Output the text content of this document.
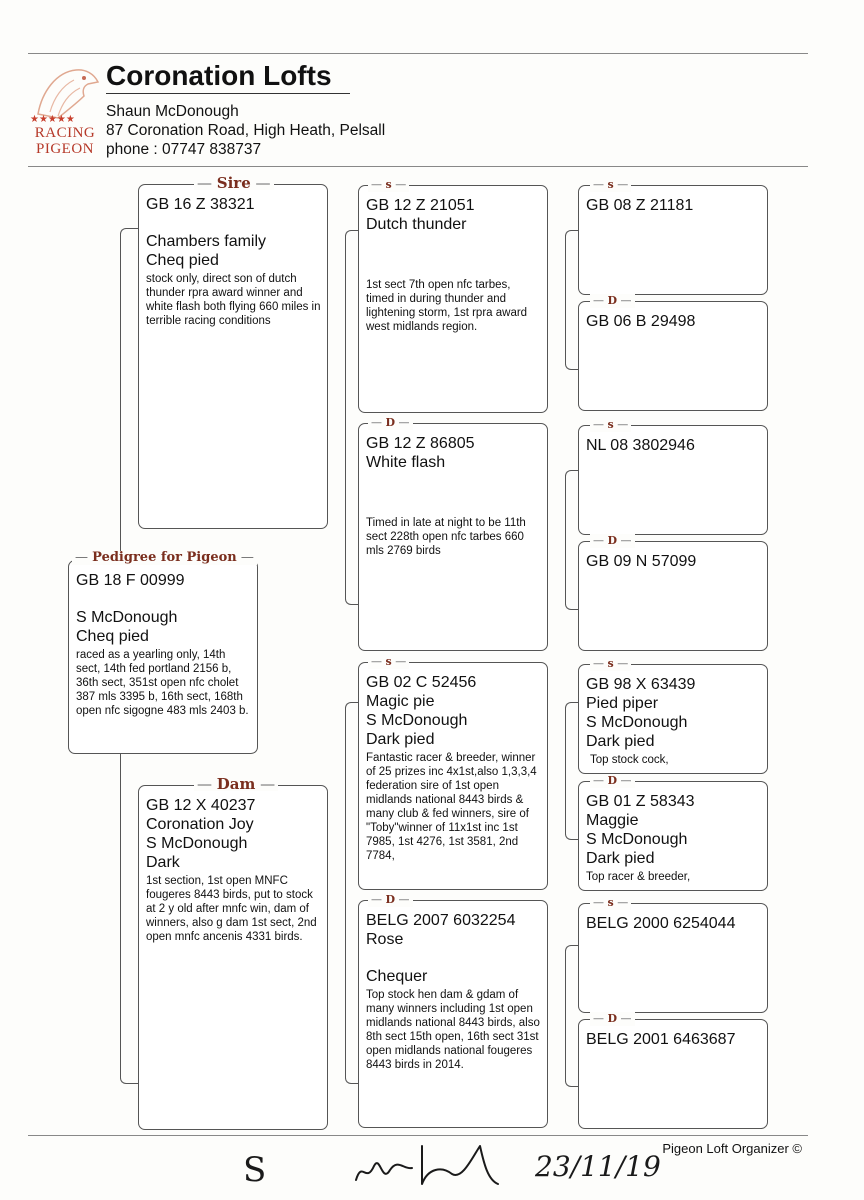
★★★★★
RACING
PIGEON
Coronation Lofts
Shaun McDonough
87 Coronation Road, High Heath, Pelsall
phone : 07747 838737
GB 18 F 00999
S McDonough
Cheq pied
raced as a yearling only, 14th sect, 14th fed portland 2156 b, 36th sect, 351st open nfc cholet 387 mls 3395 b, 16th sect, 168th open nfc sigogne 483 mls 2403 b.
— Pedigree for Pigeon —
GB 16 Z 38321
Chambers family
Cheq pied
stock only, direct son of dutch thunder rpra award winner and white flash both flying 660 miles in terrible racing conditions
— Sire —
GB 12 X 40237
Coronation Joy
S McDonough
Dark
1st section, 1st open MNFC fougeres 8443 birds, put to stock at 2 y old after mnfc win, dam of winners, also g dam 1st sect, 2nd open mnfc ancenis 4331 birds.
— Dam —
GB 12 Z 21051
Dutch thunder
1st sect 7th open nfc tarbes, timed in during thunder and lightening storm, 1st rpra award west midlands region.
— s —
GB 12 Z 86805
White flash
Timed in late at night to be 11th sect 228th open nfc tarbes 660 mls 2769 birds
— D —
GB 02 C 52456
Magic pie
S McDonough
Dark pied
Fantastic racer & breeder, winner of 25 prizes inc 4x1st,also 1,3,3,4 federation sire of 1st open midlands national 8443 birds & many club & fed winners, sire of "Toby"winner of 11x1st inc 1st 7985, 1st 4276, 1st 3581, 2nd 7784,
— s —
BELG 2007 6032254
Rose
Chequer
Top stock hen dam & gdam of many winners including 1st open midlands national 8443 birds, also 8th sect 15th open, 16th sect 31st open midlands national fougeres 8443 birds in 2014.
— D —
GB 08 Z 21181
— s —
GB 06 B 29498
— D —
NL 08 3802946
— s —
GB 09 N 57099
— D —
GB 98 X 63439
Pied piper
S McDonough
Dark pied
Top stock cock,
— s —
GB 01 Z 58343
Maggie
S McDonough
Dark pied
Top racer & breeder,
— D —
BELG 2000 6254044
— s —
BELG 2001 6463687
— D —
Pigeon Loft Organizer ©
S	23/11/19
